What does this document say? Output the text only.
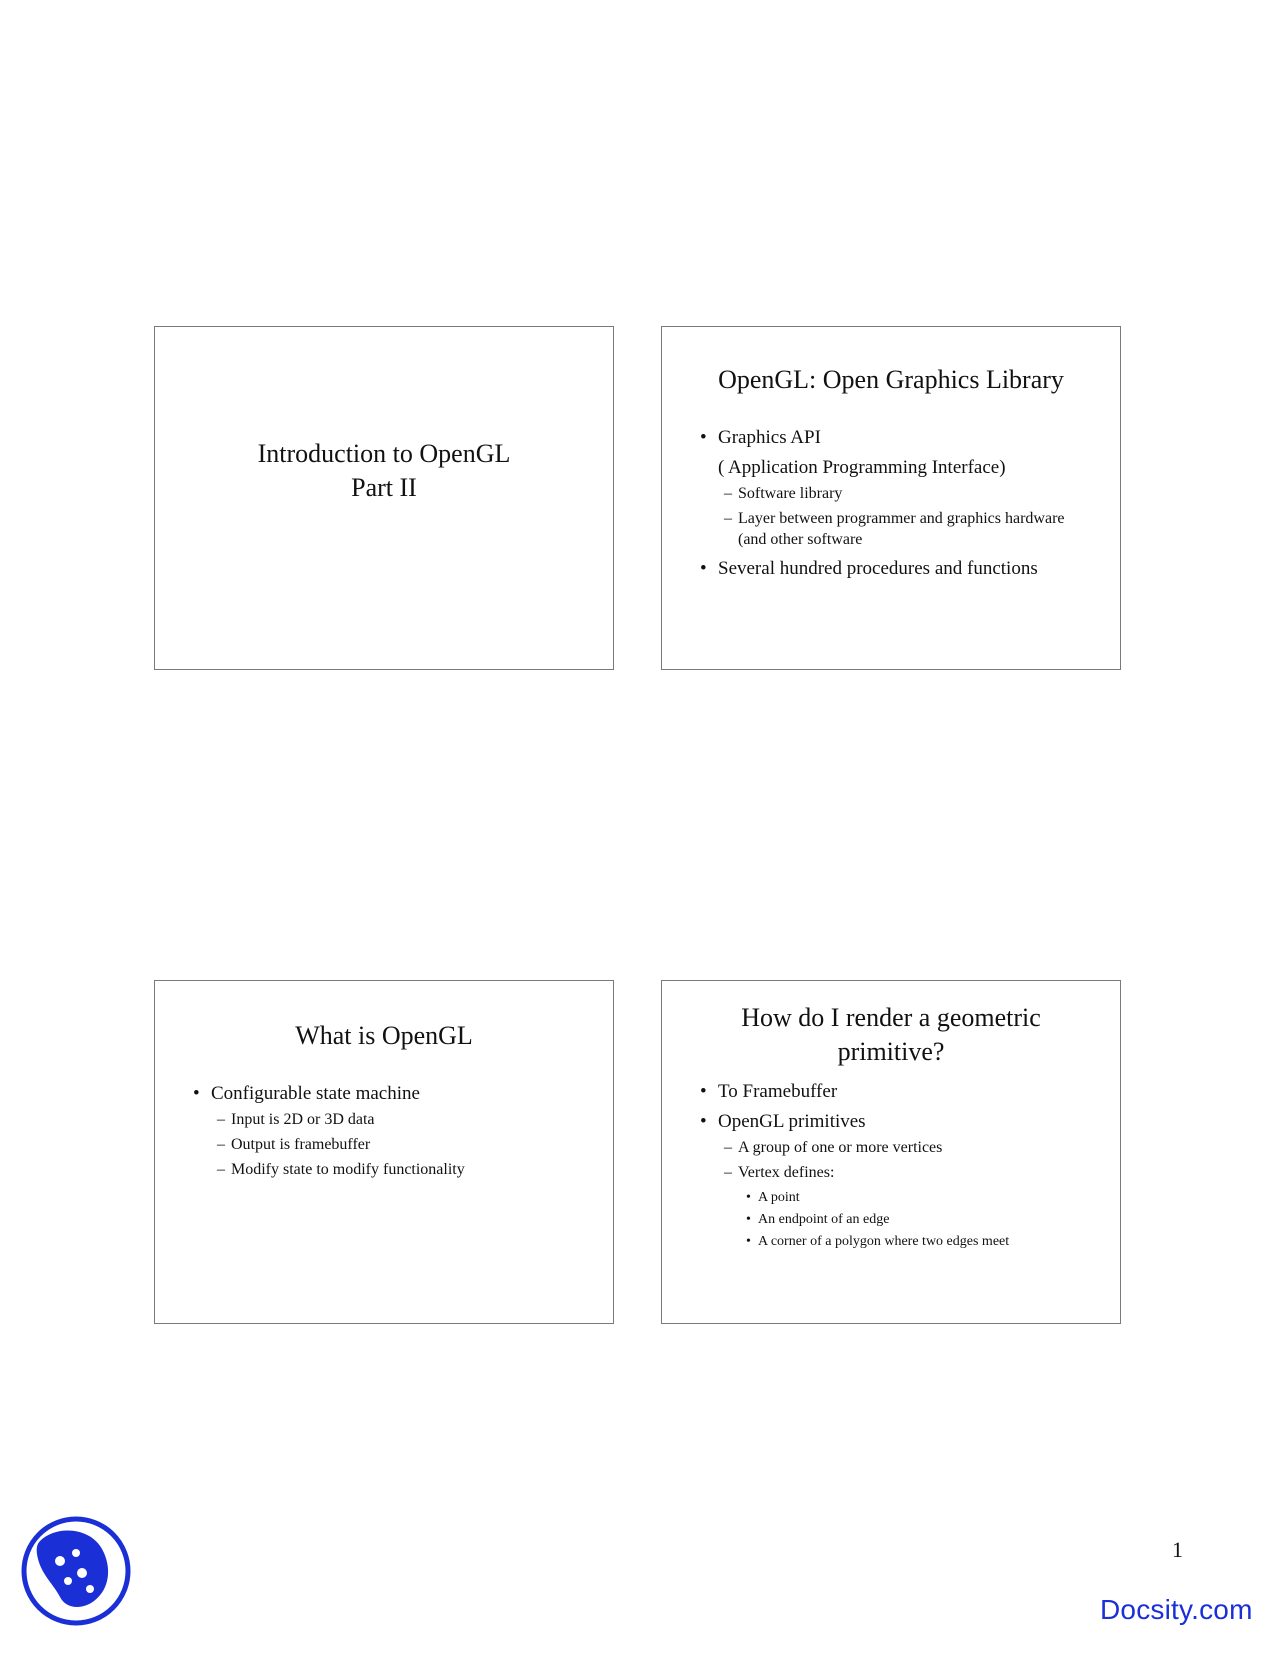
Introduction to OpenGL
Part II
OpenGL: Open Graphics Library
• Graphics API
( Application Programming Interface)
– Software library
– Layer between programmer and graphics hardware (and other software
• Several hundred procedures and functions
What is OpenGL
• Configurable state machine
– Input is 2D or 3D data
– Output is framebuffer
– Modify state to modify functionality
How do I render a geometric
primitive?
• To Framebuffer
• OpenGL primitives
– A group of one or more vertices
– Vertex defines:
• A point
• An endpoint of an edge
• A corner of a polygon where two edges meet
1
Docsity.com
